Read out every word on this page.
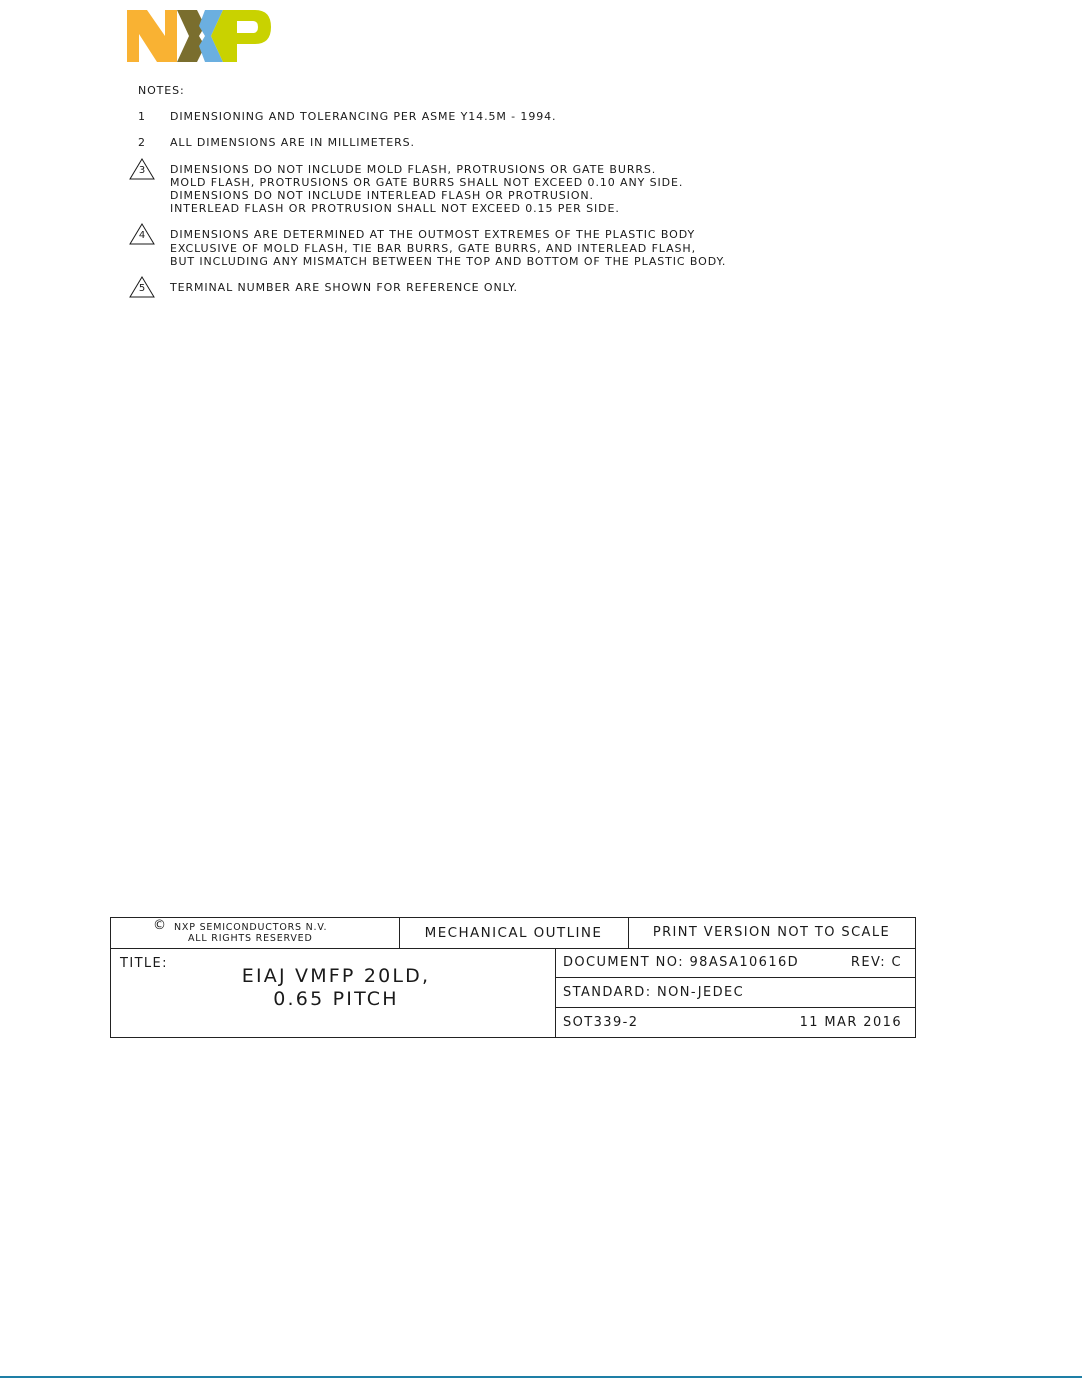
NOTES:
1	DIMENSIONING AND TOLERANCING PER ASME Y14.5M - 1994.
2	ALL DIMENSIONS ARE IN MILLIMETERS.
3	DIMENSIONS DO NOT INCLUDE MOLD FLASH, PROTRUSIONS OR GATE BURRS.
MOLD FLASH, PROTRUSIONS OR GATE BURRS SHALL NOT EXCEED 0.10 ANY SIDE.
DIMENSIONS DO NOT INCLUDE INTERLEAD FLASH OR PROTRUSION.
INTERLEAD FLASH OR PROTRUSION SHALL NOT EXCEED 0.15 PER SIDE.
4	DIMENSIONS ARE DETERMINED AT THE OUTMOST EXTREMES OF THE PLASTIC BODY
EXCLUSIVE OF MOLD FLASH, TIE BAR BURRS, GATE BURRS, AND INTERLEAD FLASH,
BUT INCLUDING ANY MISMATCH BETWEEN THE TOP AND BOTTOM OF THE PLASTIC BODY.
5	TERMINAL NUMBER ARE SHOWN FOR REFERENCE ONLY.
© NXP SEMICONDUCTORS N.V.
ALL RIGHTS RESERVED	MECHANICAL OUTLINE	PRINT VERSION NOT TO SCALE
TITLE:
EIAJ VMFP 20LD,
0.65 PITCH
DOCUMENT NO: 98ASA10616D	REV: C
STANDARD: NON-JEDEC
SOT339-2	11 MAR 2016
